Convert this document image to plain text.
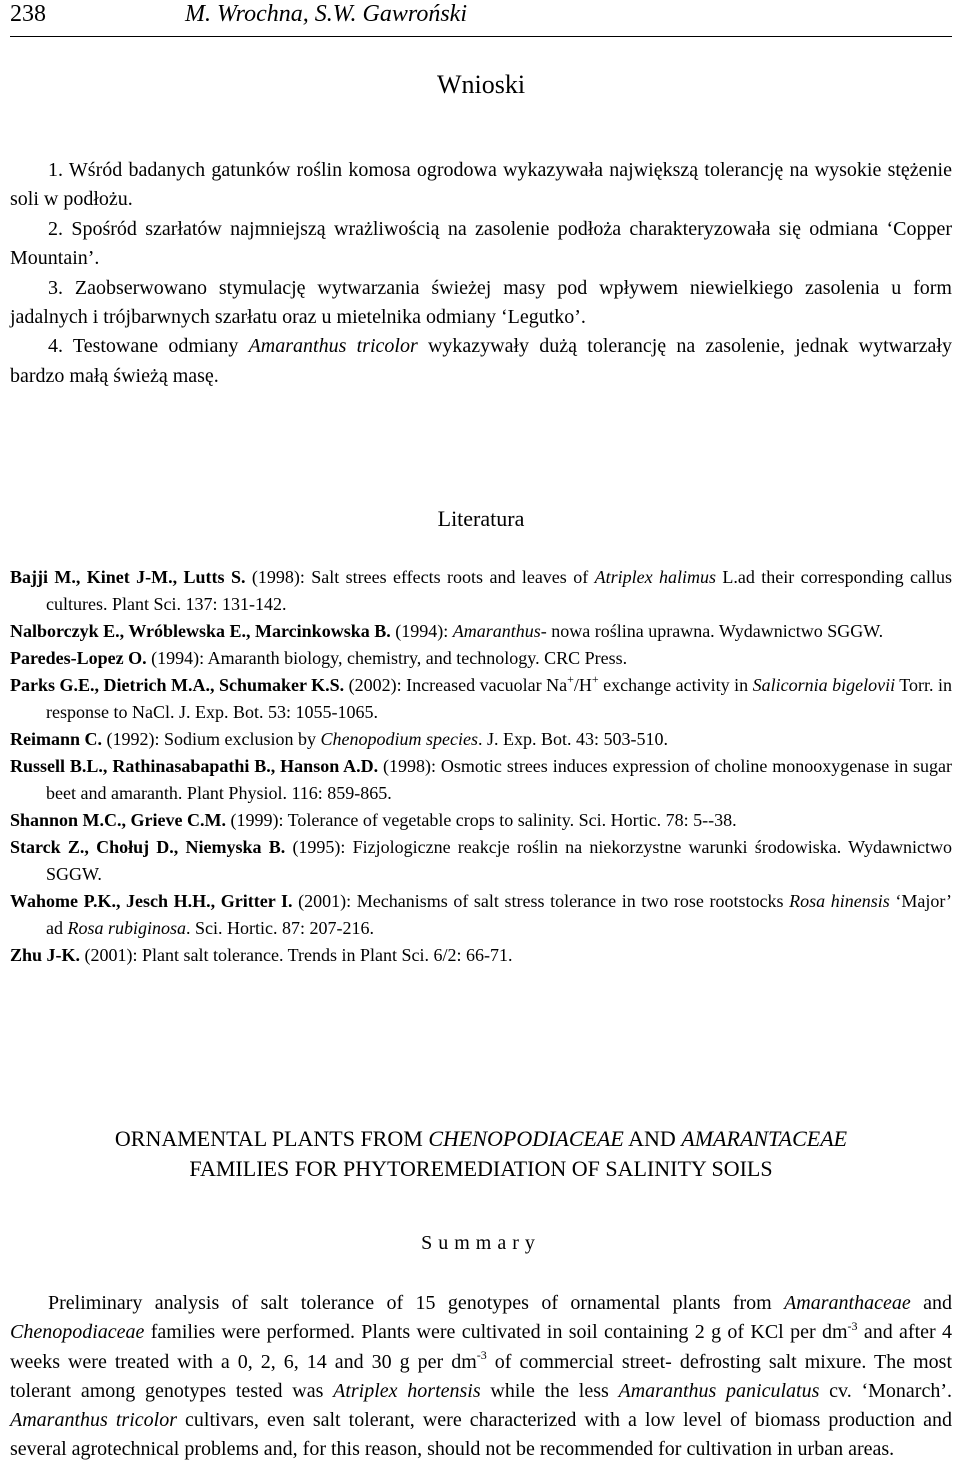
238	M. Wrochna, S.W. Gawroński
Wnioski

1. Wśród badanych gatunków roślin komosa ogrodowa wykazywała największą tolerancję na wysokie stężenie soli w podłożu.

2. Spośród szarłatów najmniejszą wrażliwością na zasolenie podłoża charakteryzowała się odmiana ‘Copper Mountain’.

3. Zaobserwowano stymulację wytwarzania świeżej masy pod wpływem niewielkiego zasolenia u form jadalnych i trójbarwnych szarłatu oraz u mietelnika odmiany ‘Legutko’.

4. Testowane odmiany Amaranthus tricolor wykazywały dużą tolerancję na zasolenie, jednak wytwarzały bardzo małą świeżą masę.

Literatura

Bajji M., Kinet J-M., Lutts S. (1998): Salt strees effects roots and leaves of Atriplex halimus L.ad their corresponding callus cultures. Plant Sci. 137: 131-142.

Nalborczyk E., Wróblewska E., Marcinkowska B. (1994): Amaranthus- nowa roślina uprawna. Wydawnictwo SGGW.

Paredes-Lopez O. (1994): Amaranth biology, chemistry, and technology. CRC Press.

Parks G.E., Dietrich M.A., Schumaker K.S. (2002): Increased vacuolar Na+/H+ exchange activity in Salicornia bigelovii Torr. in response to NaCl. J. Exp. Bot. 53: 1055-1065.

Reimann C. (1992): Sodium exclusion by Chenopodium species. J. Exp. Bot. 43: 503-510.

Russell B.L., Rathinasabapathi B., Hanson A.D. (1998): Osmotic strees induces expression of choline monooxygenase in sugar beet and amaranth. Plant Physiol. 116: 859-865.

Shannon M.C., Grieve C.M. (1999): Tolerance of vegetable crops to salinity. Sci. Hortic. 78: 5--38.

Starck Z., Chołuj D., Niemyska B. (1995): Fizjologiczne reakcje roślin na niekorzystne warunki środowiska. Wydawnictwo SGGW.

Wahome P.K., Jesch H.H., Gritter I. (2001): Mechanisms of salt stress tolerance in two rose rootstocks Rosa hinensis ‘Major’ ad Rosa rubiginosa. Sci. Hortic. 87: 207-216.

Zhu J-K. (2001): Plant salt tolerance. Trends in Plant Sci. 6/2: 66-71.

ORNAMENTAL PLANTS FROM CHENOPODIACEAE AND AMARANTACEAE
FAMILIES FOR PHYTOREMEDIATION OF SALINITY SOILS
Summary

Preliminary analysis of salt tolerance of 15 genotypes of ornamental plants from Amaranthaceae and Chenopodiaceae families were performed. Plants were cultivated in soil containing 2 g of KCl per $dm^{-3}$ and after 4 weeks were treated with a 0, 2, 6, 14 and 30 g per $dm^{-3}$ of commercial street- defrosting salt mixure. The most tolerant among genotypes tested was Atriplex hortensis while the less Amaranthus paniculatus cv. ‘Monarch’. Amaranthus tricolor cultivars, even salt tolerant, were characterized with a low level of biomass production and several agrotechnical problems and, for this reason, should not be recommended for cultivation in urban areas.
